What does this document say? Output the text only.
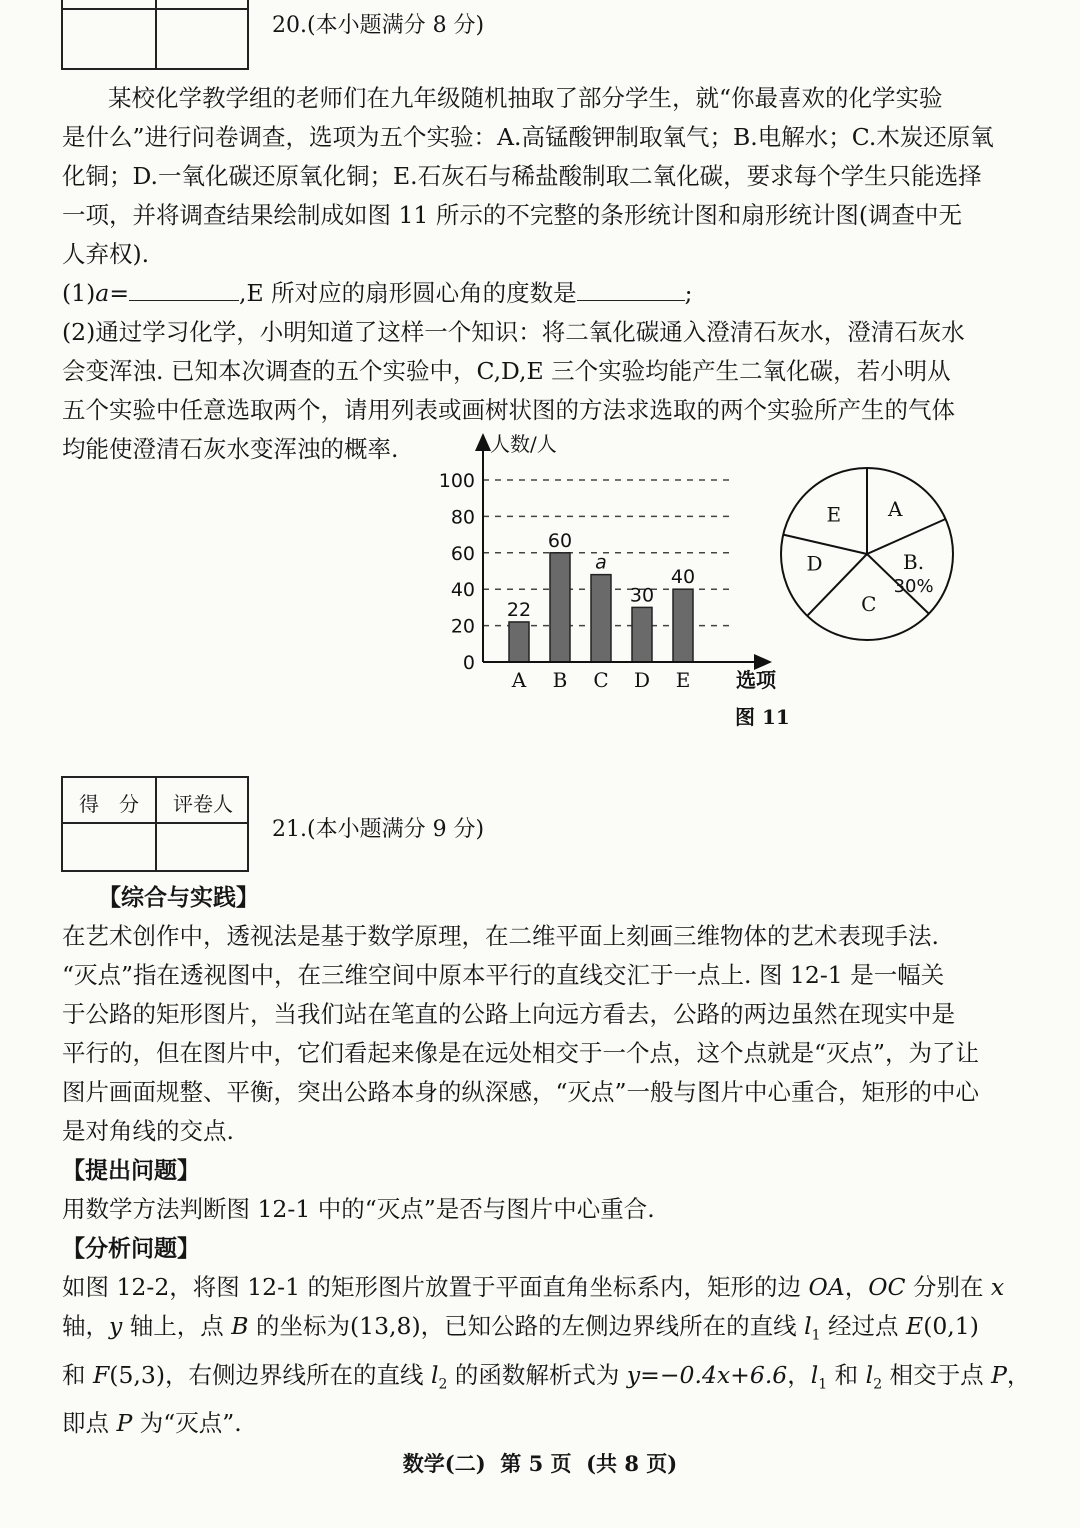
20.(本小题满分 8 分)

某校化学教学组的老师们在九年级随机抽取了部分学生，就“你最喜欢的化学实验

是什么”进行问卷调查，选项为五个实验：A.高锰酸钾制取氧气；B.电解水；C.木炭还原氧

化铜；D.一氧化碳还原氧化铜；E.石灰石与稀盐酸制取二氧化碳，要求每个学生只能选择

一项，并将调查结果绘制成如图 11 所示的不完整的条形统计图和扇形统计图(调查中无

人弃权).

(1)a=	,E 所对应的扇形圆心角的度数是	;

(2)通过学习化学，小明知道了这样一个知识：将二氧化碳通入澄清石灰水，澄清石灰水

会变浑浊. 已知本次调查的五个实验中，C,D,E 三个实验均能产生二氧化碳，若小明从

五个实验中任意选取两个，请用列表或画树状图的方法求选取的两个实验所产生的气体

均能使澄清石灰水变浑浊的概率.

22
60
a
30
40
人数/人
0
20
40
60
80
100
A B C D E 选项
图 11
A
B.
30%
C
D
E
得　分	评卷人
21.(本小题满分 9 分)

【综合与实践】

在艺术创作中，透视法是基于数学原理，在二维平面上刻画三维物体的艺术表现手法.

“灭点”指在透视图中，在三维空间中原本平行的直线交汇于一点上. 图 12-1 是一幅关

于公路的矩形图片，当我们站在笔直的公路上向远方看去，公路的两边虽然在现实中是

平行的，但在图片中，它们看起来像是在远处相交于一个点，这个点就是“灭点”，为了让

图片画面规整、平衡，突出公路本身的纵深感，“灭点”一般与图片中心重合，矩形的中心

是对角线的交点.

【提出问题】

用数学方法判断图 12-1 中的“灭点”是否与图片中心重合.

【分析问题】

如图 12-2，将图 12-1 的矩形图片放置于平面直角坐标系内，矩形的边 OA，OC 分别在 x

轴，y 轴上，点 B 的坐标为(13,8)，已知公路的左侧边界线所在的直线 $l_1$ 经过点 E(0,1)

和 F(5,3)，右侧边界线所在的直线 $l_2$ 的函数解析式为 y=−0.4x+6.6，$l_1$ 和 $l_2$ 相交于点 P，

即点 P 为“灭点”.

数学(二)  第 5 页  (共 8 页)
